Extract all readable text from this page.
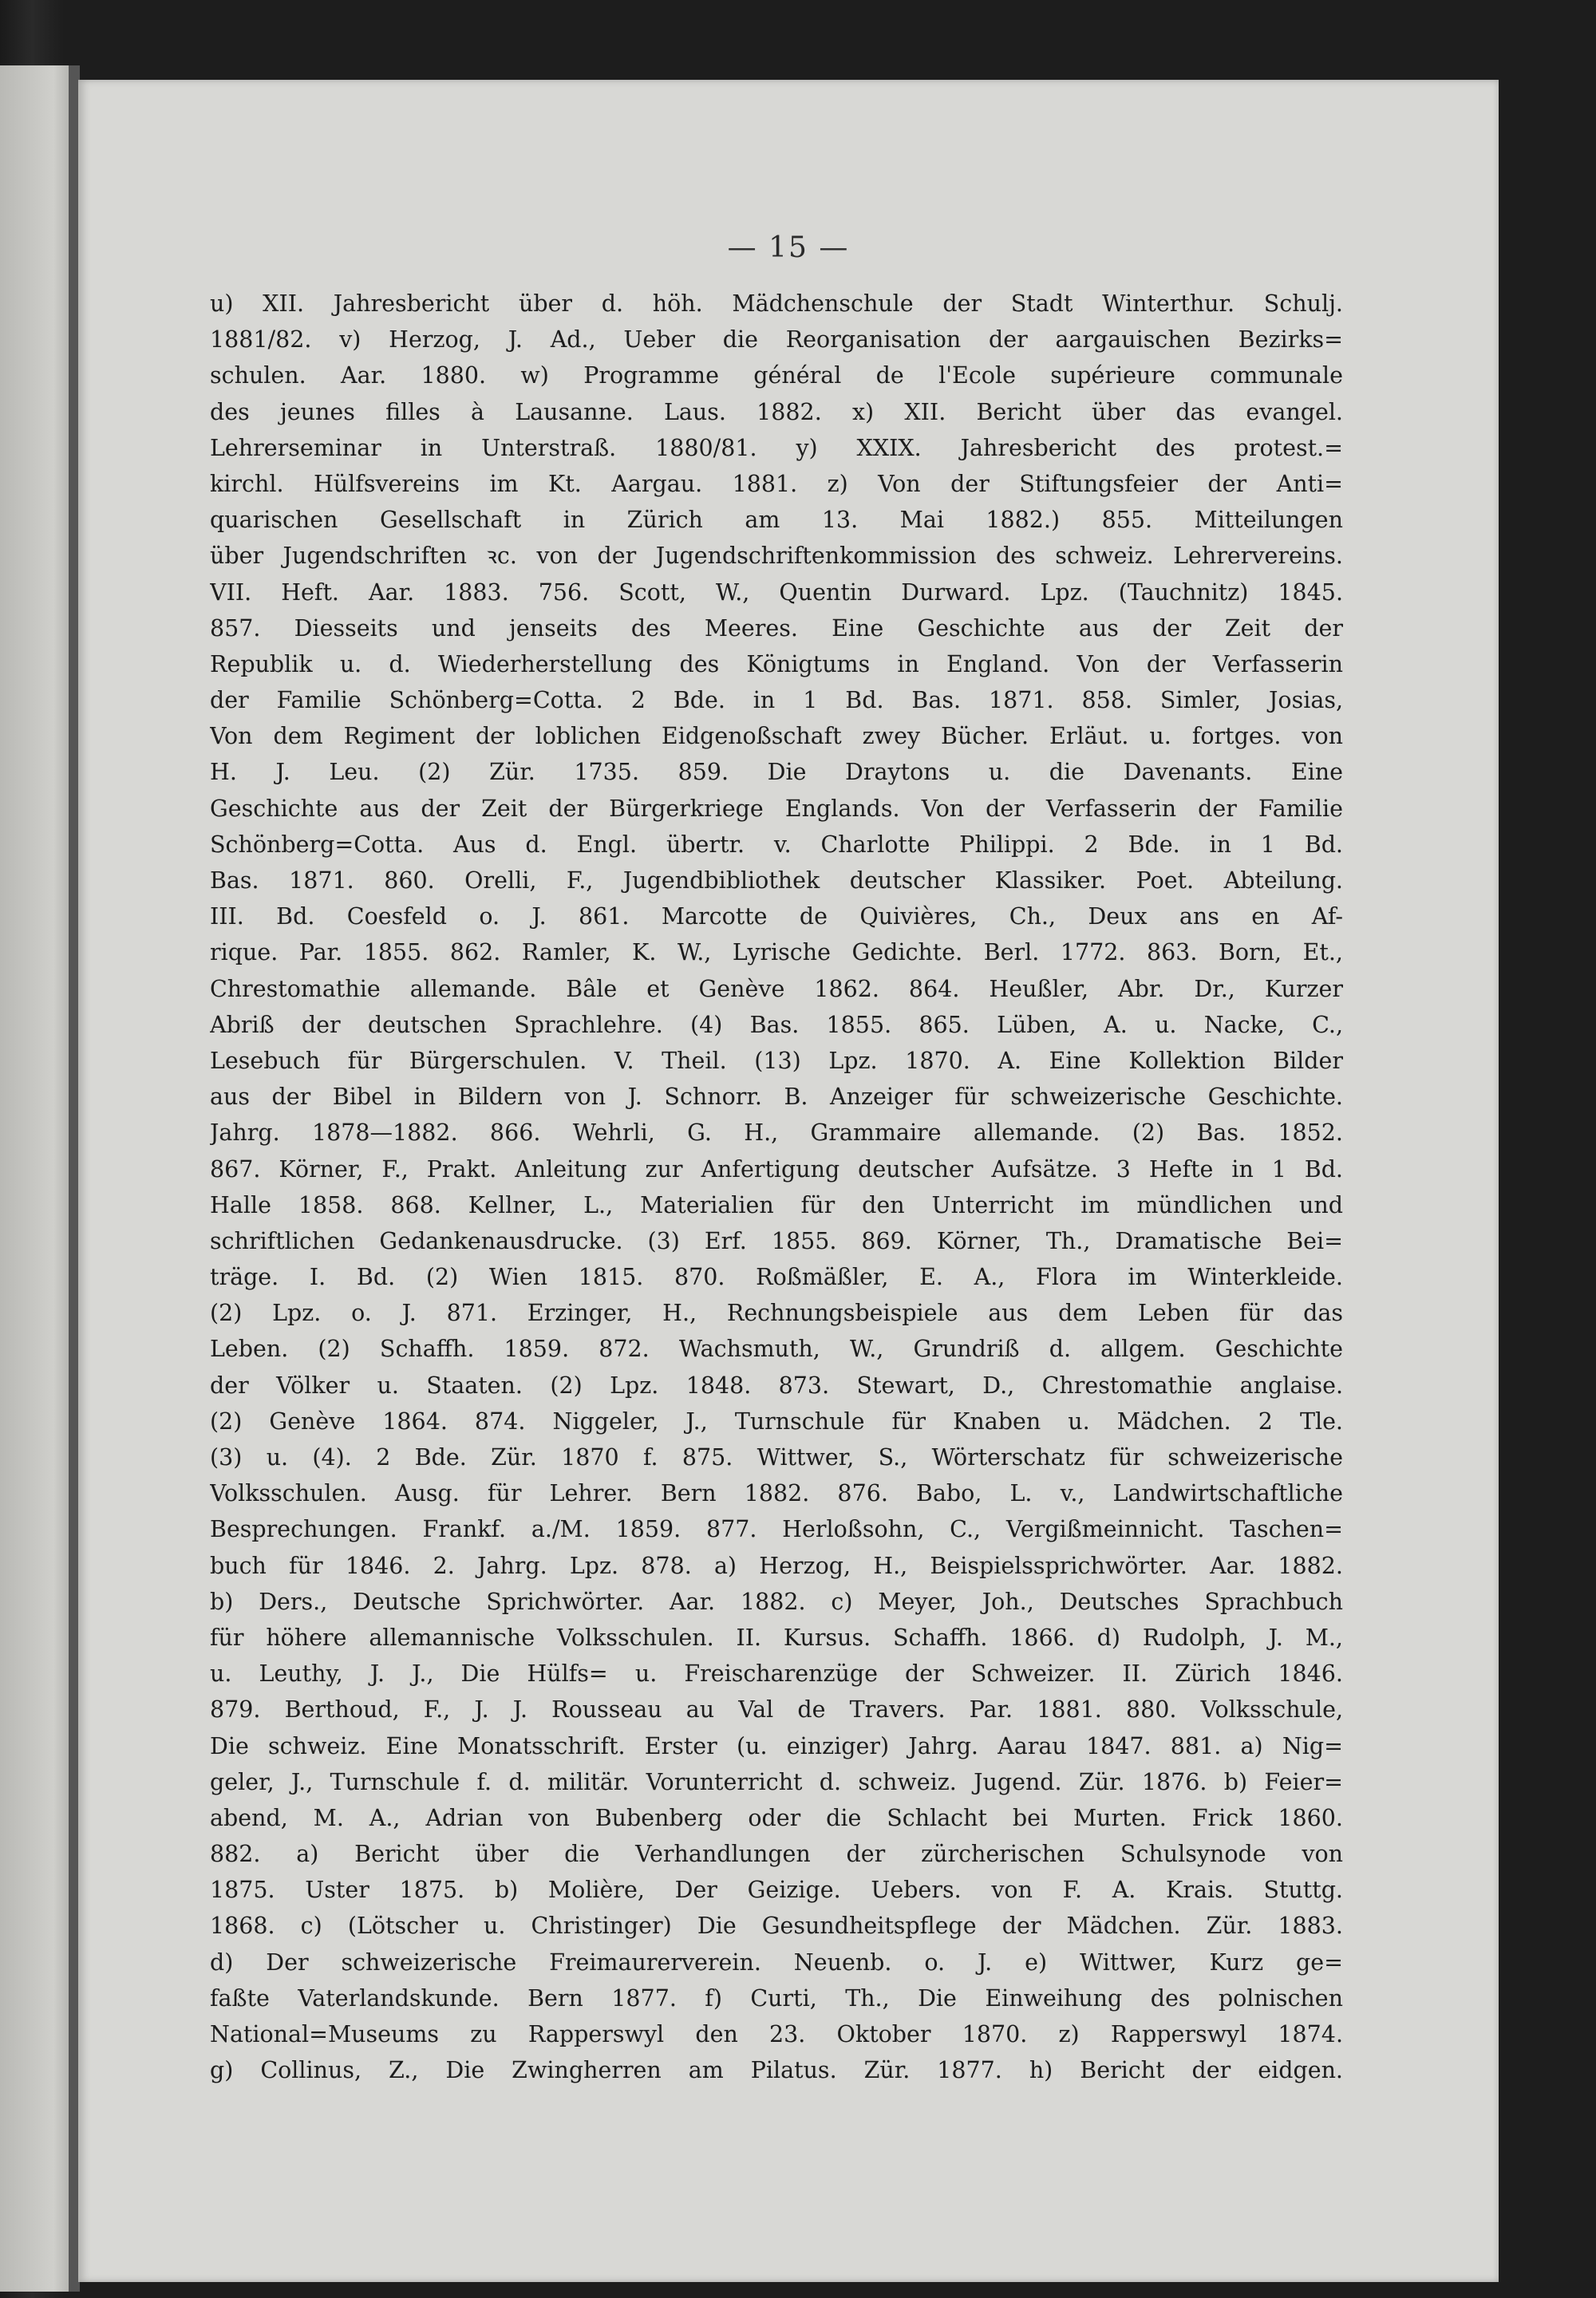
— 15 —
u) XII. Jahresbericht über d. höh. Mädchenschule der Stadt Winterthur. Schulj.
1881/82. v) Herzog, J. Ad., Ueber die Reorganisation der aargauischen Bezirks=
schulen. Aar. 1880. w) Programme général de l'Ecole supérieure communale
des jeunes filles à Lausanne. Laus. 1882. x) XII. Bericht über das evangel.
Lehrerseminar in Unterstraß. 1880/81. y) XXIX. Jahresbericht des protest.=
kirchl. Hülfsvereins im Kt. Aargau. 1881. z) Von der Stiftungsfeier der Anti=
quarischen Gesellschaft in Zürich am 13. Mai 1882.) 855. Mitteilungen
über Jugendschriften ꝛc. von der Jugendschriftenkommission des schweiz. Lehrervereins.
VII. Heft. Aar. 1883. 756. Scott, W., Quentin Durward. Lpz. (Tauchnitz) 1845.
857. Diesseits und jenseits des Meeres. Eine Geschichte aus der Zeit der
Republik u. d. Wiederherstellung des Königtums in England. Von der Verfasserin
der Familie Schönberg=Cotta. 2 Bde. in 1 Bd. Bas. 1871. 858. Simler, Josias,
Von dem Regiment der loblichen Eidgenoßschaft zwey Bücher. Erläut. u. fortges. von
H. J. Leu. (2) Zür. 1735. 859. Die Draytons u. die Davenants. Eine
Geschichte aus der Zeit der Bürgerkriege Englands. Von der Verfasserin der Familie
Schönberg=Cotta. Aus d. Engl. übertr. v. Charlotte Philippi. 2 Bde. in 1 Bd.
Bas. 1871. 860. Orelli, F., Jugendbibliothek deutscher Klassiker. Poet. Abteilung.
III. Bd. Coesfeld o. J. 861. Marcotte de Quivières, Ch., Deux ans en Af-
rique. Par. 1855. 862. Ramler, K. W., Lyrische Gedichte. Berl. 1772. 863. Born, Et.,
Chrestomathie allemande. Bâle et Genève 1862. 864. Heußler, Abr. Dr., Kurzer
Abriß der deutschen Sprachlehre. (4) Bas. 1855. 865. Lüben, A. u. Nacke, C.,
Lesebuch für Bürgerschulen. V. Theil. (13) Lpz. 1870. A. Eine Kollektion Bilder
aus der Bibel in Bildern von J. Schnorr. B. Anzeiger für schweizerische Geschichte.
Jahrg. 1878—1882. 866. Wehrli, G. H., Grammaire allemande. (2) Bas. 1852.
867. Körner, F., Prakt. Anleitung zur Anfertigung deutscher Aufsätze. 3 Hefte in 1 Bd.
Halle 1858. 868. Kellner, L., Materialien für den Unterricht im mündlichen und
schriftlichen Gedankenausdrucke. (3) Erf. 1855. 869. Körner, Th., Dramatische Bei=
träge. I. Bd. (2) Wien 1815. 870. Roßmäßler, E. A., Flora im Winterkleide.
(2) Lpz. o. J. 871. Erzinger, H., Rechnungsbeispiele aus dem Leben für das
Leben. (2) Schaffh. 1859. 872. Wachsmuth, W., Grundriß d. allgem. Geschichte
der Völker u. Staaten. (2) Lpz. 1848. 873. Stewart, D., Chrestomathie anglaise.
(2) Genève 1864. 874. Niggeler, J., Turnschule für Knaben u. Mädchen. 2 Tle.
(3) u. (4). 2 Bde. Zür. 1870 f. 875. Wittwer, S., Wörterschatz für schweizerische
Volksschulen. Ausg. für Lehrer. Bern 1882. 876. Babo, L. v., Landwirtschaftliche
Besprechungen. Frankf. a./M. 1859. 877. Herloßsohn, C., Vergißmeinnicht. Taschen=
buch für 1846. 2. Jahrg. Lpz. 878. a) Herzog, H., Beispielssprichwörter. Aar. 1882.
b) Ders., Deutsche Sprichwörter. Aar. 1882. c) Meyer, Joh., Deutsches Sprachbuch
für höhere allemannische Volksschulen. II. Kursus. Schaffh. 1866. d) Rudolph, J. M.,
u. Leuthy, J. J., Die Hülfs= u. Freischarenzüge der Schweizer. II. Zürich 1846.
879. Berthoud, F., J. J. Rousseau au Val de Travers. Par. 1881. 880. Volksschule,
Die schweiz. Eine Monatsschrift. Erster (u. einziger) Jahrg. Aarau 1847. 881. a) Nig=
geler, J., Turnschule f. d. militär. Vorunterricht d. schweiz. Jugend. Zür. 1876. b) Feier=
abend, M. A., Adrian von Bubenberg oder die Schlacht bei Murten. Frick 1860.
882. a) Bericht über die Verhandlungen der zürcherischen Schulsynode von
1875. Uster 1875. b) Molière, Der Geizige. Uebers. von F. A. Krais. Stuttg.
1868. c) (Lötscher u. Christinger) Die Gesundheitspflege der Mädchen. Zür. 1883.
d) Der schweizerische Freimaurerverein. Neuenb. o. J. e) Wittwer, Kurz ge=
faßte Vaterlandskunde. Bern 1877. f) Curti, Th., Die Einweihung des polnischen
National=Museums zu Rapperswyl den 23. Oktober 1870. z) Rapperswyl 1874.
g) Collinus, Z., Die Zwingherren am Pilatus. Zür. 1877. h) Bericht der eidgen.
